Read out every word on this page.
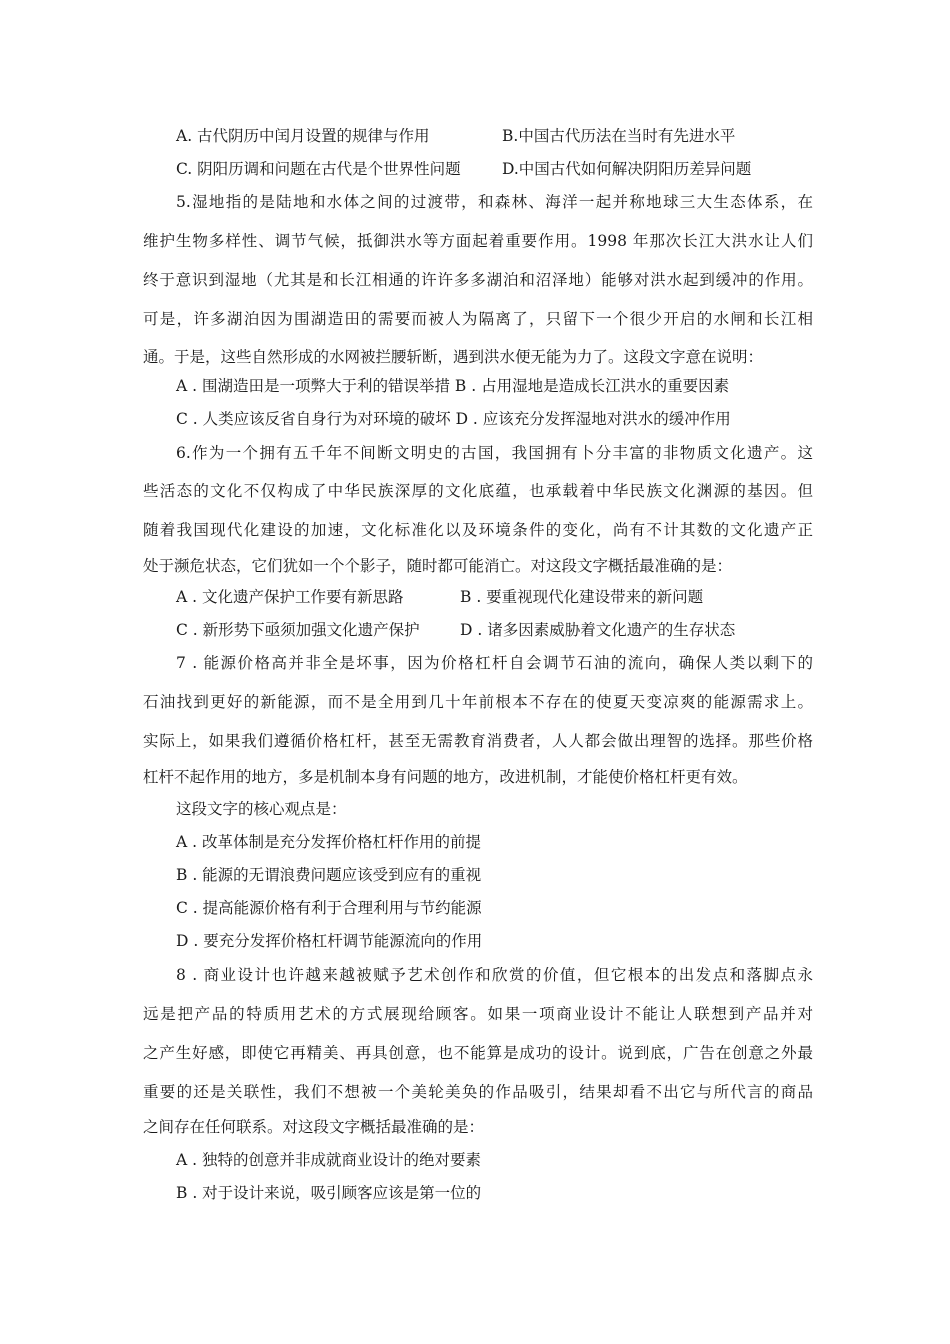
A. 古代阴历中闰月设置的规律与作用	B.中国古代历法在当时有先进水平
C. 阴阳历调和问题在古代是个世界性问题	D.中国古代如何解决阴阳历差异问题
5.湿地指的是陆地和水体之间的过渡带，和森林、海洋一起并称地球三大生态体系，在
维护生物多样性、调节气候，抵御洪水等方面起着重要作用。1998 年那次长江大洪水让人们
终于意识到湿地（尤其是和长江相通的许许多多湖泊和沼泽地）能够对洪水起到缓冲的作用。
可是，许多湖泊因为围湖造田的需要而被人为隔离了，只留下一个很少开启的水闸和长江相
通。于是，这些自然形成的水网被拦腰斩断，遇到洪水便无能为力了。这段文字意在说明：
A . 围湖造田是一项弊大于利的错误举措 B . 占用湿地是造成长江洪水的重要因素
C . 人类应该反省自身行为对环境的破坏 D . 应该充分发挥湿地对洪水的缓冲作用
6.作为一个拥有五千年不间断文明史的古国，我国拥有卜分丰富的非物质文化遗产。这
些活态的文化不仅构成了中华民族深厚的文化底蕴，也承载着中华民族文化渊源的基因。但
随着我国现代化建设的加速，文化标准化以及环境条件的变化，尚有不计其数的文化遗产正
处于濒危状态，它们犹如一个个影子，随时都可能消亡。对这段文字概括最准确的是：
A . 文化遗产保护工作要有新思路	B . 要重视现代化建设带来的新问题
C . 新形势下亟须加强文化遗产保护	D . 诸多因素威胁着文化遗产的生存状态
7 . 能源价格高并非全是坏事，因为价格杠杆自会调节石油的流向，确保人类以剩下的
石油找到更好的新能源，而不是全用到几十年前根本不存在的使夏天变凉爽的能源需求上。
实际上，如果我们遵循价格杠杆，甚至无需教育消费者，人人都会做出理智的选择。那些价格
杠杆不起作用的地方，多是机制本身有问题的地方，改进机制，才能使价格杠杆更有效。
这段文字的核心观点是：
A . 改革体制是充分发挥价格杠杆作用的前提
B . 能源的无谓浪费问题应该受到应有的重视
C . 提高能源价格有利于合理利用与节约能源
D . 要充分发挥价格杠杆调节能源流向的作用
8 . 商业设计也许越来越被赋予艺术创作和欣赏的价值，但它根本的出发点和落脚点永
远是把产品的特质用艺术的方式展现给顾客。如果一项商业设计不能让人联想到产品并对
之产生好感，即使它再精美、再具创意，也不能算是成功的设计。说到底，广告在创意之外最
重要的还是关联性，我们不想被一个美轮美奂的作品吸引，结果却看不出它与所代言的商品
之间存在任何联系。对这段文字概括最准确的是：
A . 独特的创意并非成就商业设计的绝对要素
B . 对于设计来说，吸引顾客应该是第一位的
